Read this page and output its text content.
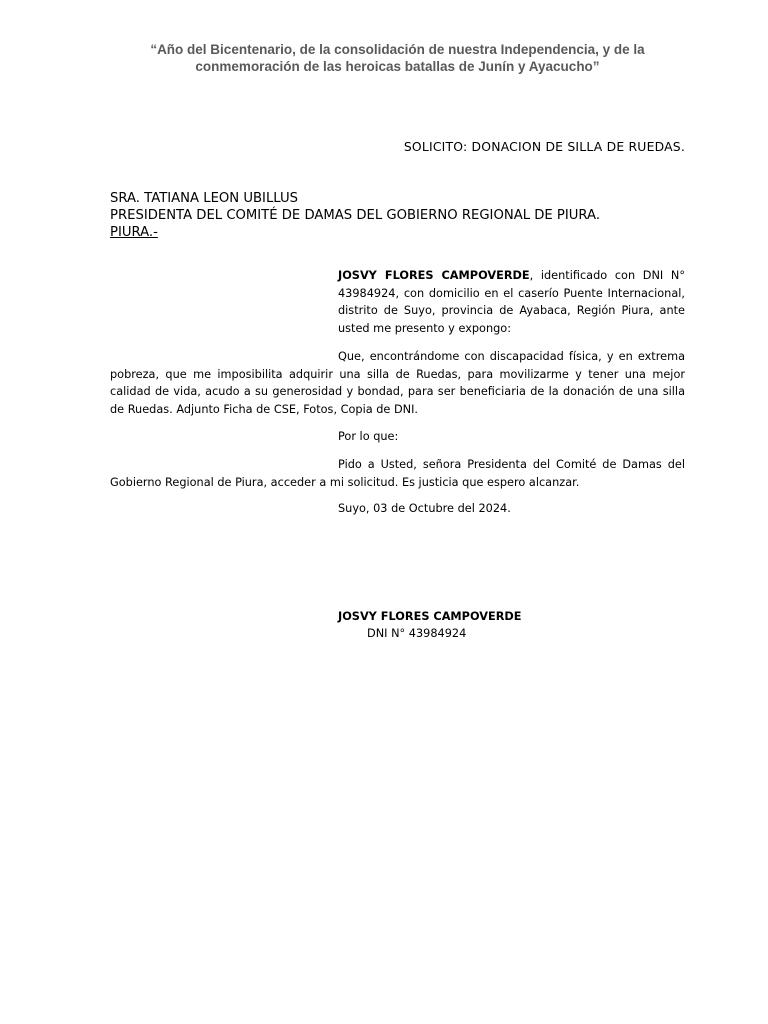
“Año del Bicentenario, de la consolidación de nuestra Independencia, y de la
conmemoración de las heroicas batallas de Junín y Ayacucho”
SOLICITO: DONACION DE SILLA DE RUEDAS.
SRA. TATIANA LEON UBILLUS
PRESIDENTA DEL COMITÉ DE DAMAS DEL GOBIERNO REGIONAL DE PIURA.
PIURA.-
JOSVY FLORES CAMPOVERDE, identificado con DNI N° 43984924, con domicilio en el caserío Puente Internacional, distrito de Suyo, provincia de Ayabaca, Región Piura, ante usted me presento y expongo:
Que, encontrándome con discapacidad física, y en extrema pobreza, que me imposibilita adquirir una silla de Ruedas, para movilizarme y tener una mejor calidad de vida, acudo a su generosidad y bondad, para ser beneficiaria de la donación de una silla de Ruedas. Adjunto Ficha de CSE, Fotos, Copia de DNI.
Por lo que:
Pido a Usted, señora Presidenta del Comité de Damas del Gobierno Regional de Piura, acceder a mi solicitud. Es justicia que espero alcanzar.
Suyo, 03 de Octubre del 2024.
JOSVY FLORES CAMPOVERDE
DNI N° 43984924
